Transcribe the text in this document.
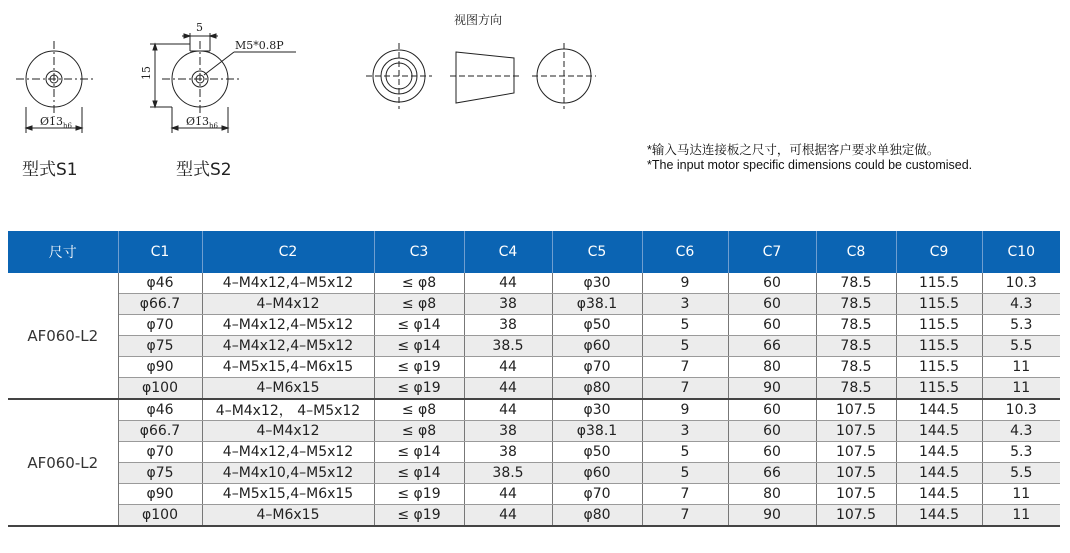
$Ø13_{h6}$	$Ø13_{h6}$
5
15
M5*0.8P
视图方向
型式S1	型式S2
*输入马达连接板之尺寸，可根据客户要求单独定做。
*The input motor specific dimensions could be customised.
尺寸	C1	C2	C3	C4	C5	C6	C7	C8	C9	C10
AF060-L2	φ46	4–M4x12,4–M5x12	≤ φ8	44	φ30	9	60	78.5	115.5	10.3
	φ66.7	4–M4x12	≤ φ8	38	φ38.1	3	60	78.5	115.5	4.3
	φ70	4–M4x12,4–M5x12	≤ φ14	38	φ50	5	60	78.5	115.5	5.3
	φ75	4–M4x12,4–M5x12	≤ φ14	38.5	φ60	5	66	78.5	115.5	5.5
	φ90	4–M5x15,4–M6x15	≤ φ19	44	φ70	7	80	78.5	115.5	11
	φ100	4–M6x15	≤ φ19	44	φ80	7	90	78.5	115.5	11
AF060-L2	φ46	4–M4x12， 4–M5x12	≤ φ8	44	φ30	9	60	107.5	144.5	10.3
	φ66.7	4–M4x12	≤ φ8	38	φ38.1	3	60	107.5	144.5	4.3
	φ70	4–M4x12,4–M5x12	≤ φ14	38	φ50	5	60	107.5	144.5	5.3
	φ75	4–M4x10,4–M5x12	≤ φ14	38.5	φ60	5	66	107.5	144.5	5.5
	φ90	4–M5x15,4–M6x15	≤ φ19	44	φ70	7	80	107.5	144.5	11
	φ100	4–M6x15	≤ φ19	44	φ80	7	90	107.5	144.5	11
